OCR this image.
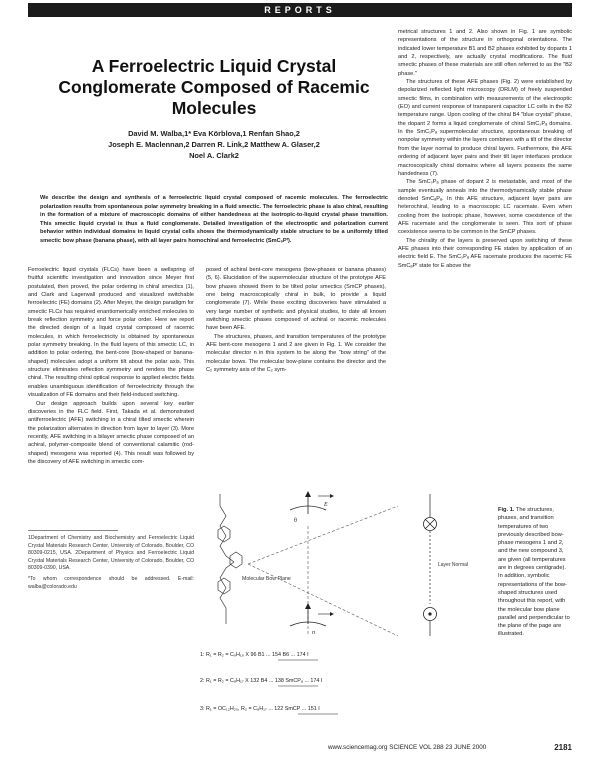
REPORTS
A Ferroelectric Liquid Crystal Conglomerate Composed of Racemic Molecules
David M. Walba,1* Eva Körblova,1 Renfan Shao,2
Joseph E. Maclennan,2 Darren R. Link,2 Matthew A. Glaser,2
Noel A. Clark2

We describe the design and synthesis of a ferroelectric liquid crystal composed of racemic molecules. The ferroelectric polarization results from spontaneous polar symmetry breaking in a fluid smectic. The ferroelectric phase is also chiral, resulting in the formation of a mixture of macroscopic domains of either handedness at the isotropic-to-liquid crystal phase transition. This smectic liquid crystal is thus a fluid conglomerate. Detailed investigation of the electrooptic and polarization current behavior within individual domains in liquid crystal cells shows the thermodynamically stable structure to be a uniformly tilted smectic bow phase (banana phase), with all layer pairs homochiral and ferroelectric (SmCₛPᶠ).

Ferroelectric liquid crystals (FLCs) have been a wellspring of fruitful scientific investigation and innovation since Meyer first postulated, then proved, the polar ordering in chiral smectics (1), and Clark and Lagerwall produced and visualized switchable ferroelectric (FE) domains (2). After Meyer, the design paradigm for smectic FLCs has required enantiomerically enriched molecules to break reflection symmetry and force polar order. Here we report the directed design of a liquid crystal composed of racemic molecules, in which ferroelectricity is obtained by spontaneous polar symmetry breaking. In the fluid layers of this smectic LC, in addition to polar ordering, the bent-core (bow-shaped or banana-shaped) molecules adopt a uniform tilt about the polar axis. This structure eliminates reflection symmetry and renders the phase chiral. The resulting chiral optical response to applied electric fields enables unambiguous identification of ferroelectricity through the visualization of FE domains and their field-induced switching.

Our design approach builds upon several key earlier discoveries in the FLC field. First, Takada et al. demonstrated antiferroelectric (AFE) switching in a chiral tilted smectic wherein the polarization alternates in direction from layer to layer (3). More recently, AFE switching in a bilayer smectic phase composed of an achiral, polymer-composite blend of conventional calamitic (rod-shaped) mesogens was reported (4). This result was followed by the discovery of AFE switching in smectic com-

1Department of Chemistry and Biochemistry and Ferroelectric Liquid Crystal Materials Research Center, University of Colorado, Boulder, CO 80309-0215, USA. 2Department of Physics and Ferroelectric Liquid Crystal Materials Research Center, University of Colorado, Boulder, CO 80309-0390, USA.

*To whom correspondence should be addressed. E-mail: walba@colorado.edu

posed of achiral bent-core mesogens (bow-phases or banana phases) (5, 6). Elucidation of the supermolecular structure of the prototype AFE bow phases showed them to be tilted polar smectics (SmCP phases), one being macroscopically chiral in bulk, to provide a liquid conglomerate (7). While these exciting discoveries have stimulated a very large number of synthetic and physical studies, to date all known switching smectic phases composed of achiral or racemic molecules have been AFE.

The structures, phases, and transition temperatures of the prototype AFE bent-core mesogens 1 and 2 are given in Fig. 1. We consider the molecular director n in this system to be along the "bow string" of the molecular bows. The molecular bow-plane contains the director and the C₂ symmetry axis of the C₂ sym-

metrical structures 1 and 2. Also shown in Fig. 1 are symbolic representations of the structure in orthogonal orientations. The indicated lower temperature B1 and B2 phases exhibited by dopants 1 and 2, respectively, are actually crystal modifications. The fluid smectic phases of these materials are still often referred to as the "B2 phase."

The structures of these AFE phases (Fig. 2) were established by depolarized reflected light microscopy (DRLM) of freely suspended smectic films, in combination with measurements of the electrooptic (EO) and current response of transparent capacitor LC cells in the B2 temperature range. Upon cooling of the chiral B4 "blue crystal" phase, the dopant 2 forms a liquid conglomerate of chiral SmCₛPₐ domains. In the SmCₛPₐ supermolecular structure, spontaneous breaking of nonpolar symmetry within the layers combines with a tilt of the director from the layer normal to produce chiral layers. Furthermore, the AFE ordering of adjacent layer pairs and their tilt layer interfaces produce macroscopically chiral domains where all layers possess the same handedness (7).

The SmCₛPₐ phase of dopant 2 is metastable, and most of the sample eventually anneals into the thermodynamically stable phase denoted SmCₐPₐ. In this AFE structure, adjacent layer pairs are heterochiral, leading to a macroscopic LC racemate. Even when cooling from the isotropic phase, however, some coexistence of the AFE racemate and the conglomerate is seen. This sort of phase coexistence seems to be common in the SmCP phases.

The chirality of the layers is preserved upon switching of these AFE phases into their corresponding FE states by application of an electric field E. The SmCₛPₐ AFE racemate produces the racemic FE SmCₐPᶠ state for E above the

Molecular Bow Plane
E
θ
n
Layer Normal
1: R₁ = R₂ = C₉H₁₉ X 96 B1 ... 154 B6 ... 174 I
2: R₁ = R₂ = C₈H₁₇ X 132 B4 ... 138 SmCPₐ ... 174 I
3: R₁ = OC₁₂H₂₅, R₂ = C₈H₁₇ ... 122 SmCP ... 151 I

Fig. 1. The structures, phases, and transition temperatures of two previously described bow-phase mesogens 1 and 2, and the new compound 3, are given (all temperatures are in degrees centigrade). In addition, symbolic representations of the bow-shaped structures used throughout this report, with the molecular bow plane parallel and perpendicular to the plane of the page are illustrated.

www.sciencemag.org SCIENCE VOL 288 23 JUNE 2000	2181
